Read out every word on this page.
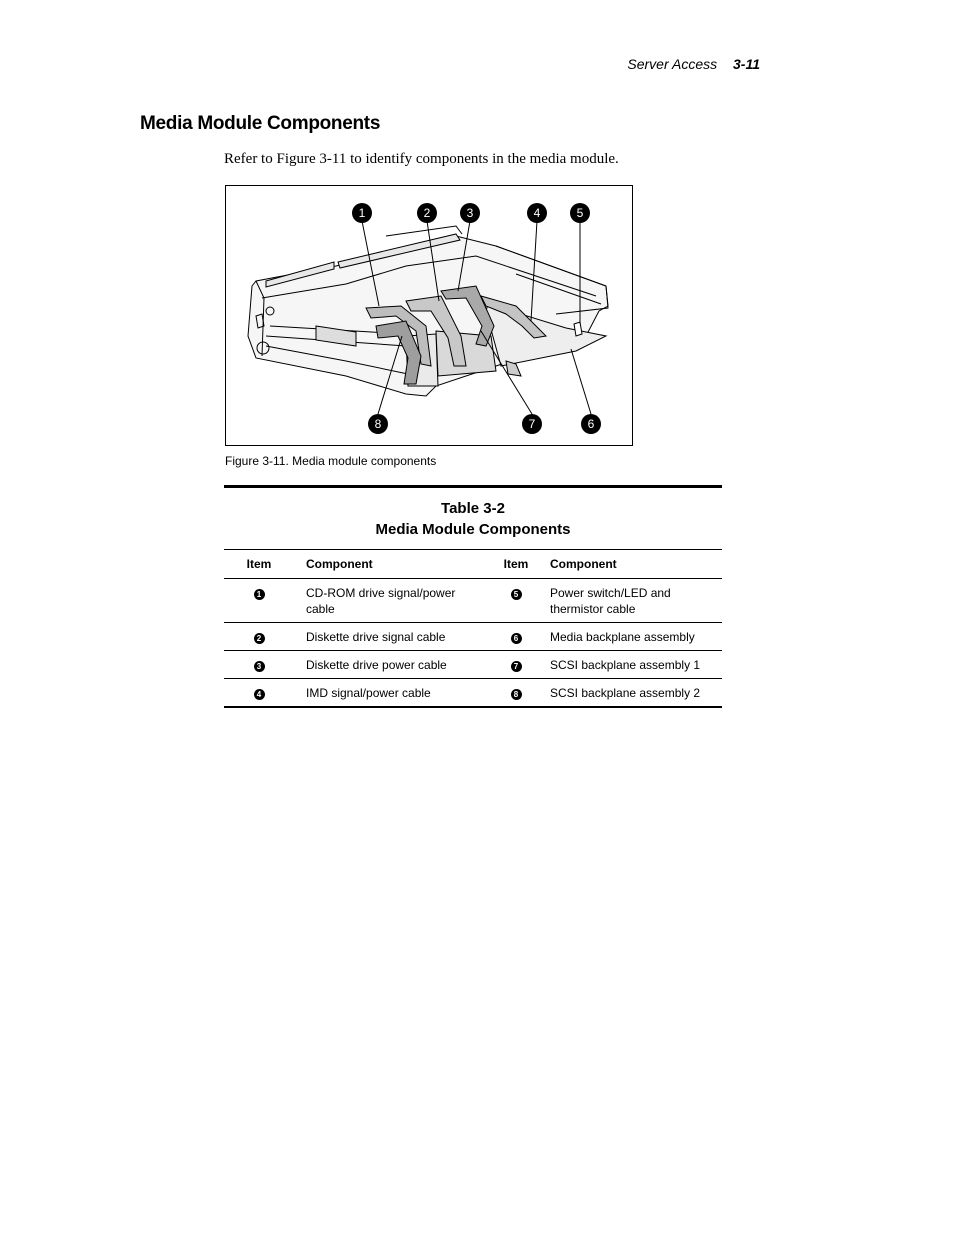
Server Access 3-11
Media Module Components
Refer to Figure 3-11 to identify components in the media module.
1	2	3	4	5
6
7
8
Figure 3-11. Media module components
Table 3-2
Media Module Components
Item	Component	Item	Component
1	CD-ROM drive signal/power cable	5	Power switch/LED and thermistor cable
2	Diskette drive signal cable	6	Media backplane assembly
3	Diskette drive power cable	7	SCSI backplane assembly 1
4	IMD signal/power cable	8	SCSI backplane assembly 2
